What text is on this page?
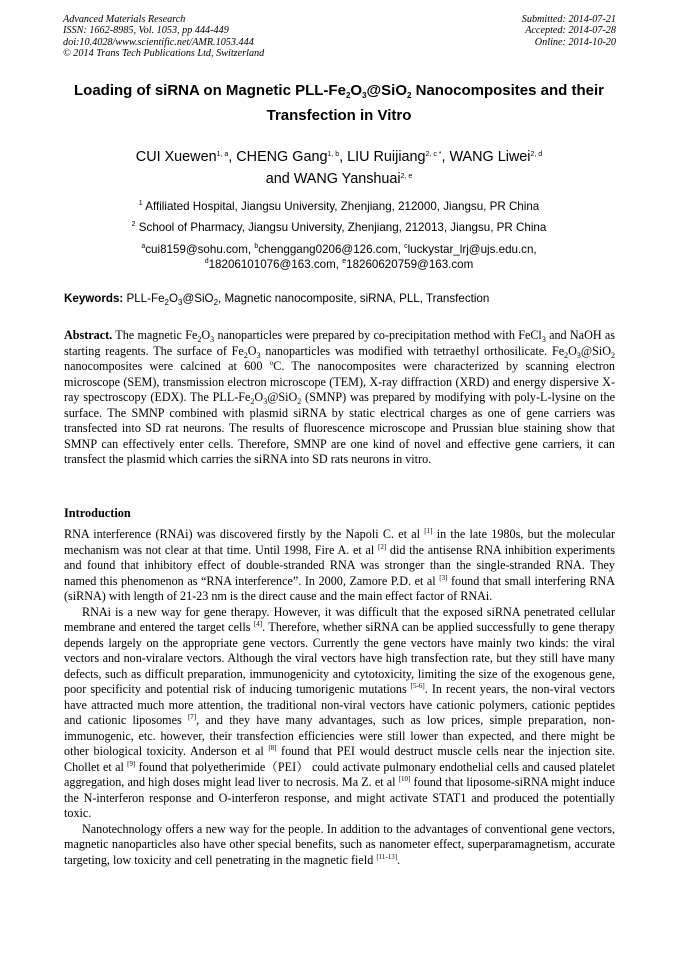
Advanced Materials Research
ISSN: 1662-8985, Vol. 1053, pp 444-449
doi:10.4028/www.scientific.net/AMR.1053.444
© 2014 Trans Tech Publications Ltd, Switzerland
Submitted: 2014-07-21
Accepted: 2014-07-28
Online: 2014-10-20
Loading of siRNA on Magnetic PLL-$Fe_2O_3@SiO_2$ Nanocomposites and their Transfection in Vitro
CUI Xuewen$^{1, a}$, CHENG Gang$^{1, b}$, LIU Ruijiang$^{2, c *}$, WANG Liwei$^{2, d}$
and WANG Yanshuai$^{2, e}$
$^1$ Affiliated Hospital, Jiangsu University, Zhenjiang, 212000, Jiangsu, PR China
$^2$ School of Pharmacy, Jiangsu University, Zhenjiang, 212013, Jiangsu, PR China
$^a$cui8159@sohu.com, $^b$chenggang0206@126.com, $^c$luckystar_lrj@ujs.edu.cn,
$^d$18206101076@163.com, $^e$18260620759@163.com
Keywords: PLL-$Fe_2O_3@SiO_2$, Magnetic nanocomposite, siRNA, PLL, Transfection
Abstract. The magnetic $Fe_2O_3$ nanoparticles were prepared by co-precipitation method with FeCl$_3$ and NaOH as starting reagents. The surface of $Fe_2O_3$ nanoparticles was modified with tetraethyl orthosilicate. $Fe_2O_3@SiO_2$ nanocomposites were calcined at 600 $^o$C. The nanocomposites were characterized by scanning electron microscope (SEM), transmission electron microscope (TEM), X-ray diffraction (XRD) and energy dispersive X-ray spectroscopy (EDX). The PLL-$Fe_2O_3@SiO_2$ (SMNP) was prepared by modifying with poly-L-lysine on the surface. The SMNP combined with plasmid siRNA by static electrical charges as one of gene carriers was transfected into SD rat neurons. The results of fluorescence microscope and Prussian blue staining show that SMNP can effectively enter cells. Therefore, SMNP are one kind of novel and effective gene carriers, it can transfect the plasmid which carries the siRNA into SD rats neurons in vitro.
Introduction

RNA interference (RNAi) was discovered firstly by the Napoli C. et al [1] in the late 1980s, but the molecular mechanism was not clear at that time. Until 1998, Fire A. et al [2] did the antisense RNA inhibition experiments and found that inhibitory effect of double-stranded RNA was stronger than the single-stranded RNA. They named this phenomenon as “RNA interference”. In 2000, Zamore P.D. et al [3] found that small interfering RNA (siRNA) with length of 21-23 nm is the direct cause and the main effect factor of RNAi.

RNAi is a new way for gene therapy. However, it was difficult that the exposed siRNA penetrated cellular membrane and entered the target cells [4]. Therefore, whether siRNA can be applied successfully to gene therapy depends largely on the appropriate gene vectors. Currently the gene vectors have mainly two kinds: the viral vectors and non-viralare vectors. Although the viral vectors have high transfection rate, but they still have many defects, such as difficult preparation, immunogenicity and cytotoxicity, limiting the size of the exogenous gene, poor specificity and potential risk of inducing tumorigenic mutations [5-6]. In recent years, the non-viral vectors have attracted much more attention, the traditional non-viral vectors have cationic polymers, cationic peptides and cationic liposomes [7], and they have many advantages, such as low prices, simple preparation, non-immunogenic, etc. however, their transfection efficiencies were still lower than expected, and there might be other biological toxicity. Anderson et al [8] found that PEI would destruct muscle cells near the injection site. Chollet et al [9] found that polyetherimide（PEI） could activate pulmonary endothelial cells and caused platelet aggregation, and high doses might lead liver to necrosis. Ma Z. et al [10] found that liposome-siRNA might induce the N-interferon response and O-interferon response, and might activate STAT1 and produced the potentially toxic.

Nanotechnology offers a new way for the people. In addition to the advantages of conventional gene vectors, magnetic nanoparticles also have other special benefits, such as nanometer effect, superparamagnetism, accurate targeting, low toxicity and cell penetrating in the magnetic field [11-13].
